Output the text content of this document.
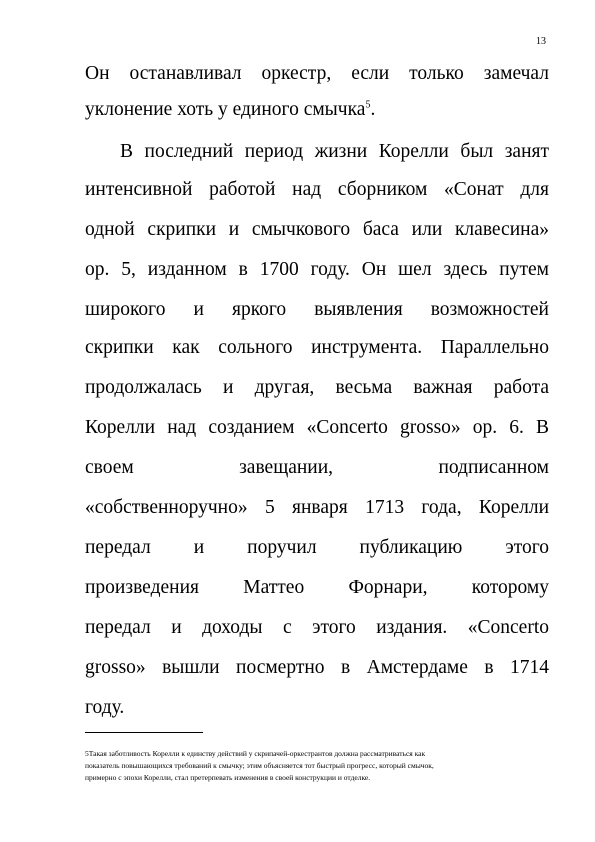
13
Он останавливал оркестр, если только замечал
уклонение хоть у единого смычка$^5$.
В последний период жизни Корелли был занят
интенсивной работой над сборником «Сонат для
одной скрипки и смычкового баса или клавесина»
op. 5, изданном в 1700 году. Он шел здесь путем
широкого и яркого выявления возможностей
скрипки как сольного инструмента. Параллельно
продолжалась и другая, весьма важная работа
Корелли над созданием «Concerto grosso» op. 6. В
своем	завещании,	подписанном
«собственноручно» 5 января 1713 года, Корелли
передал и поручил публикацию этого
произведения Маттео Форнари, которому
передал и доходы с этого издания. «Concerto
grosso» вышли посмертно в Амстердаме в 1714
году.
5Такая заботливость Корелли к единству действий у скрипачей-оркестрантов должна рассматриваться как
показатель повышающихся требований к смычку; этим объясняется тот быстрый прогресс, который смычок,
примерно с эпохи Корелли, стал претерпевать изменения в своей конструкции и отделке.
